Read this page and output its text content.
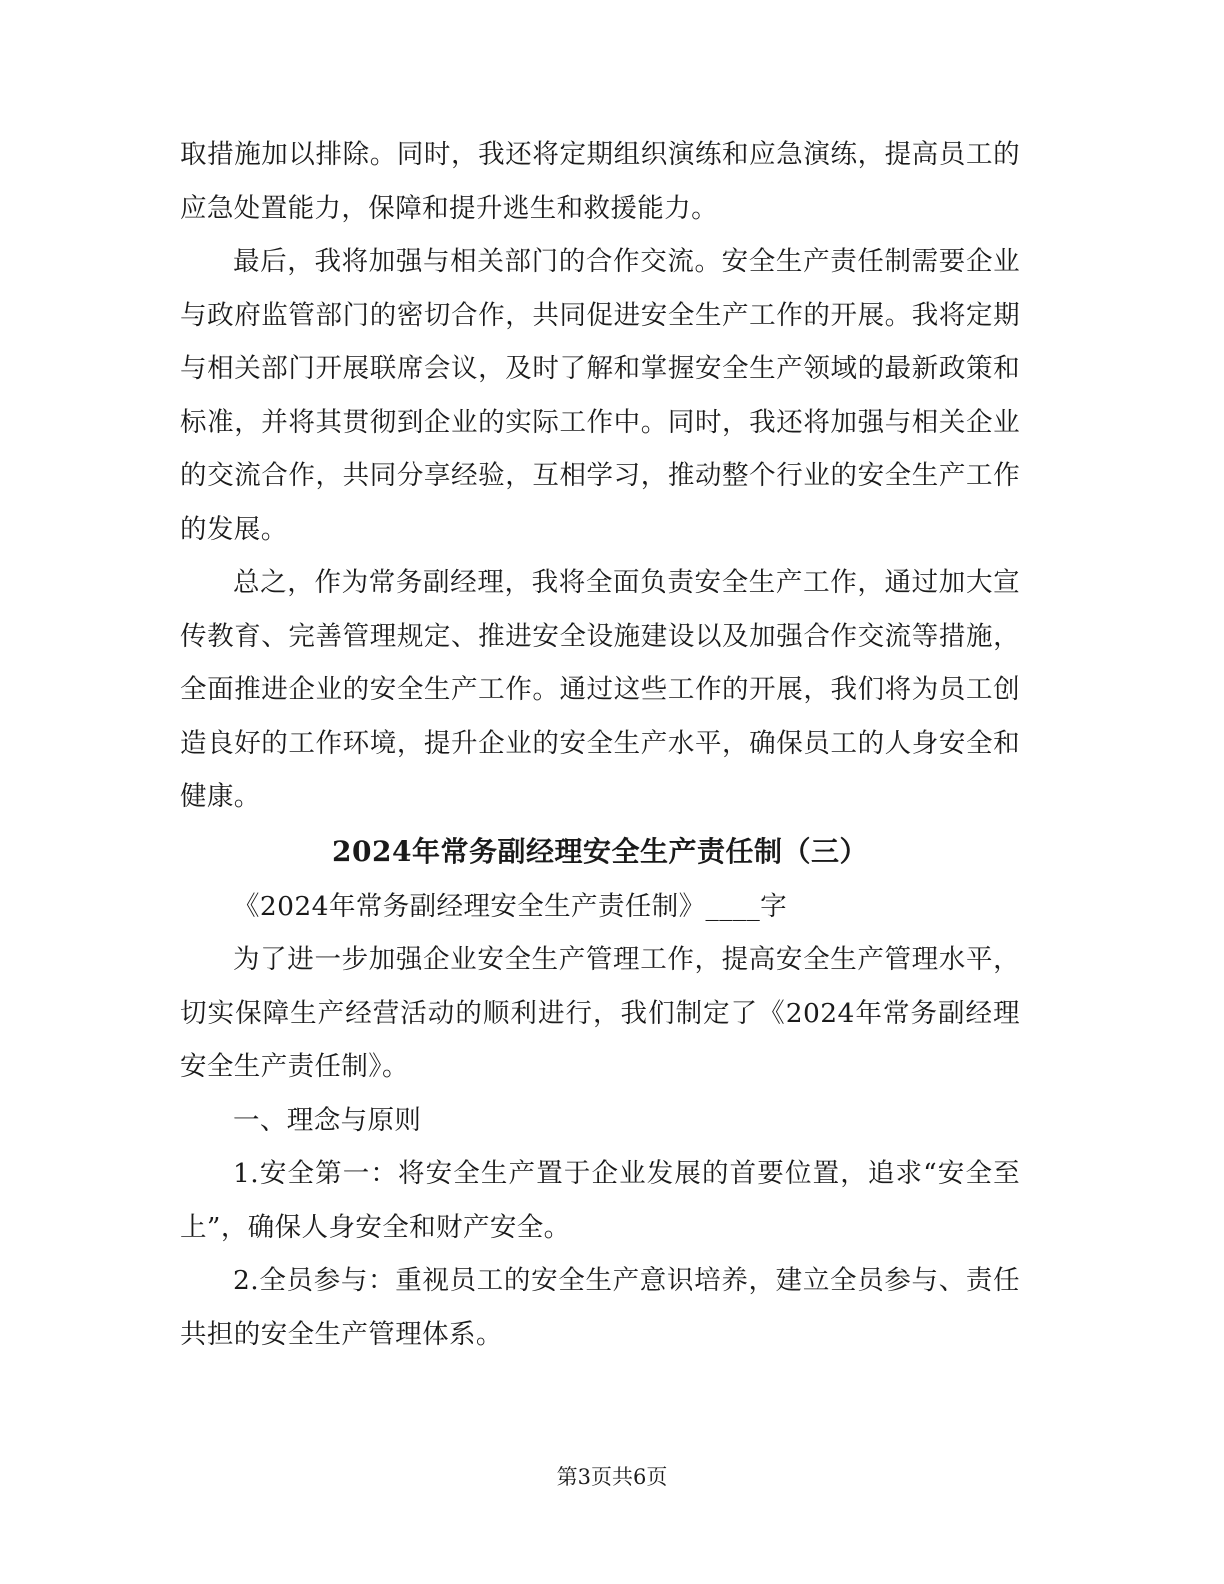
取措施加以排除。同时，我还将定期组织演练和应急演练，提高员工的应急处置能力，保障和提升逃生和救援能力。

最后，我将加强与相关部门的合作交流。安全生产责任制需要企业与政府监管部门的密切合作，共同促进安全生产工作的开展。我将定期与相关部门开展联席会议，及时了解和掌握安全生产领域的最新政策和标准，并将其贯彻到企业的实际工作中。同时，我还将加强与相关企业的交流合作，共同分享经验，互相学习，推动整个行业的安全生产工作的发展。

总之，作为常务副经理，我将全面负责安全生产工作，通过加大宣传教育、完善管理规定、推进安全设施建设以及加强合作交流等措施，全面推进企业的安全生产工作。通过这些工作的开展，我们将为员工创造良好的工作环境，提升企业的安全生产水平，确保员工的人身安全和健康。

2024年常务副经理安全生产责任制（三）

《2024年常务副经理安全生产责任制》____字

为了进一步加强企业安全生产管理工作，提高安全生产管理水平，切实保障生产经营活动的顺利进行，我们制定了《2024年常务副经理安全生产责任制》。

一、理念与原则

1.安全第一：将安全生产置于企业发展的首要位置，追求“安全至上”，确保人身安全和财产安全。

2.全员参与：重视员工的安全生产意识培养，建立全员参与、责任共担的安全生产管理体系。

第3页共6页
